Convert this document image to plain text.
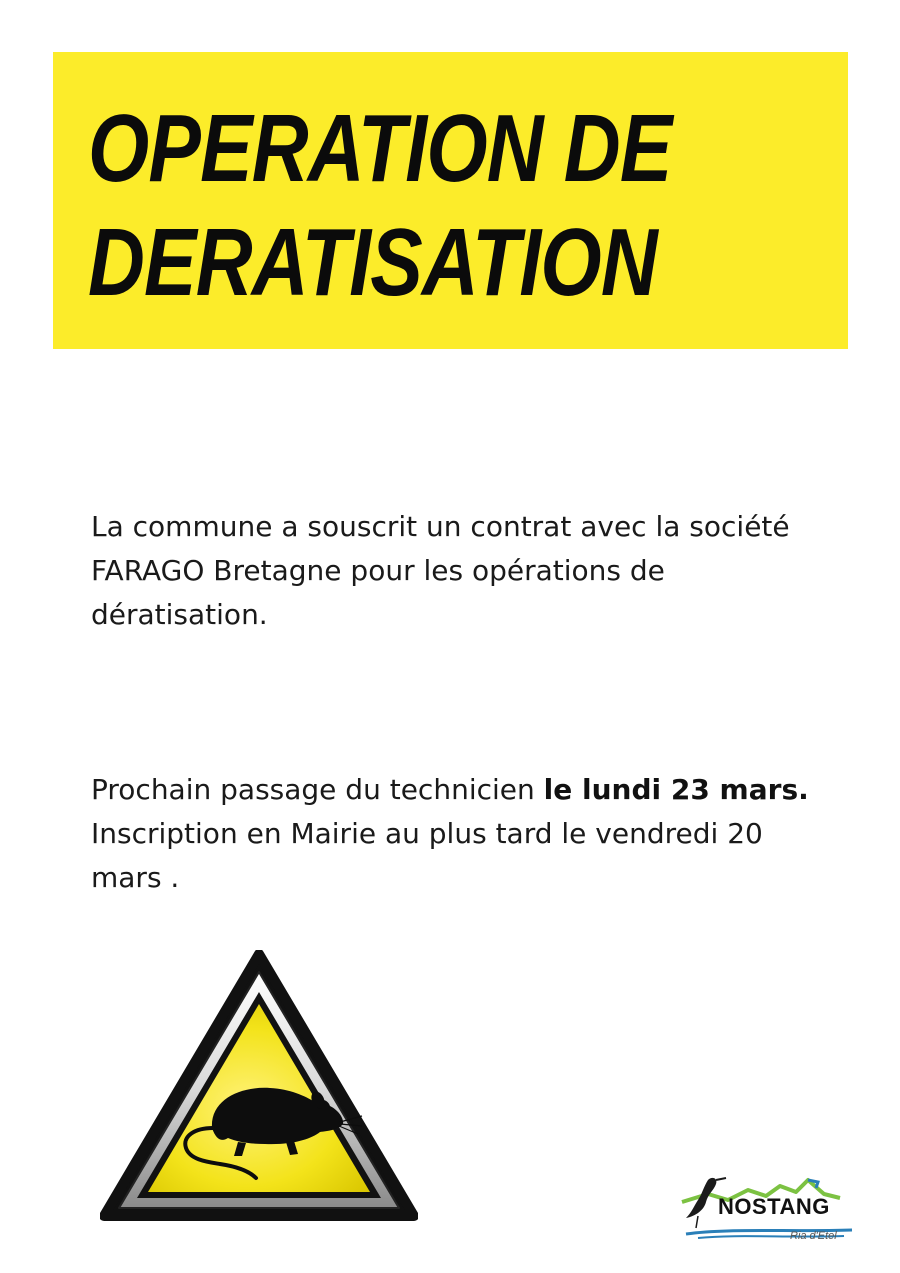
OPERATION DE
DERATISATION

La commune a souscrit un contrat avec la société
FARAGO Bretagne pour les opérations de
dératisation.

Prochain passage du technicien le lundi 23 mars.
Inscription en Mairie au plus tard le vendredi 20
mars .

NOSTANG
Ria d'Etel
